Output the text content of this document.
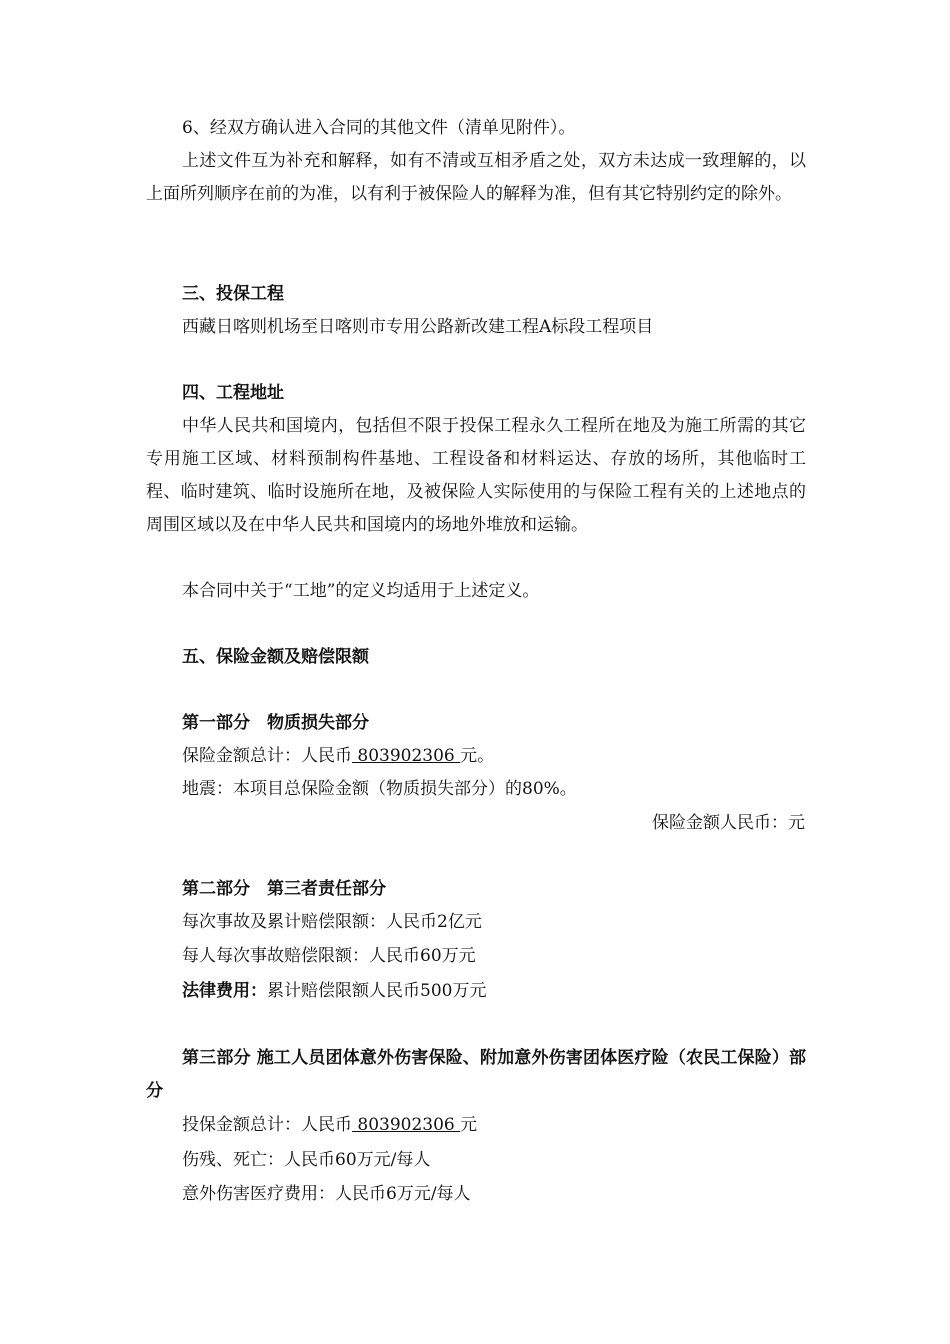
6、经双方确认进入合同的其他文件（清单见附件）。
上述文件互为补充和解释，如有不清或互相矛盾之处，双方未达成一致理解的，以上面所列顺序在前的为准，以有利于被保险人的解释为准，但有其它特别约定的除外。
三、投保工程
西藏日喀则机场至日喀则市专用公路新改建工程A标段工程项目
四、工程地址
中华人民共和国境内，包括但不限于投保工程永久工程所在地及为施工所需的其它专用施工区域、材料预制构件基地、工程设备和材料运达、存放的场所，其他临时工程、临时建筑、临时设施所在地，及被保险人实际使用的与保险工程有关的上述地点的周围区域以及在中华人民共和国境内的场地外堆放和运输。
本合同中关于“工地”的定义均适用于上述定义。
五、保险金额及赔偿限额
第一部分　物质损失部分
保险金额总计：人民币 803902306 元。
地震：本项目总保险金额（物质损失部分）的80%。
保险金额人民币：元
第二部分　第三者责任部分
每次事故及累计赔偿限额：人民币2亿元
每人每次事故赔偿限额：人民币60万元
法律费用：累计赔偿限额人民币500万元
第三部分 施工人员团体意外伤害保险、附加意外伤害团体医疗险（农民工保险）部分
投保金额总计：人民币 803902306 元
伤残、死亡：人民币60万元/每人
意外伤害医疗费用：人民币6万元/每人
